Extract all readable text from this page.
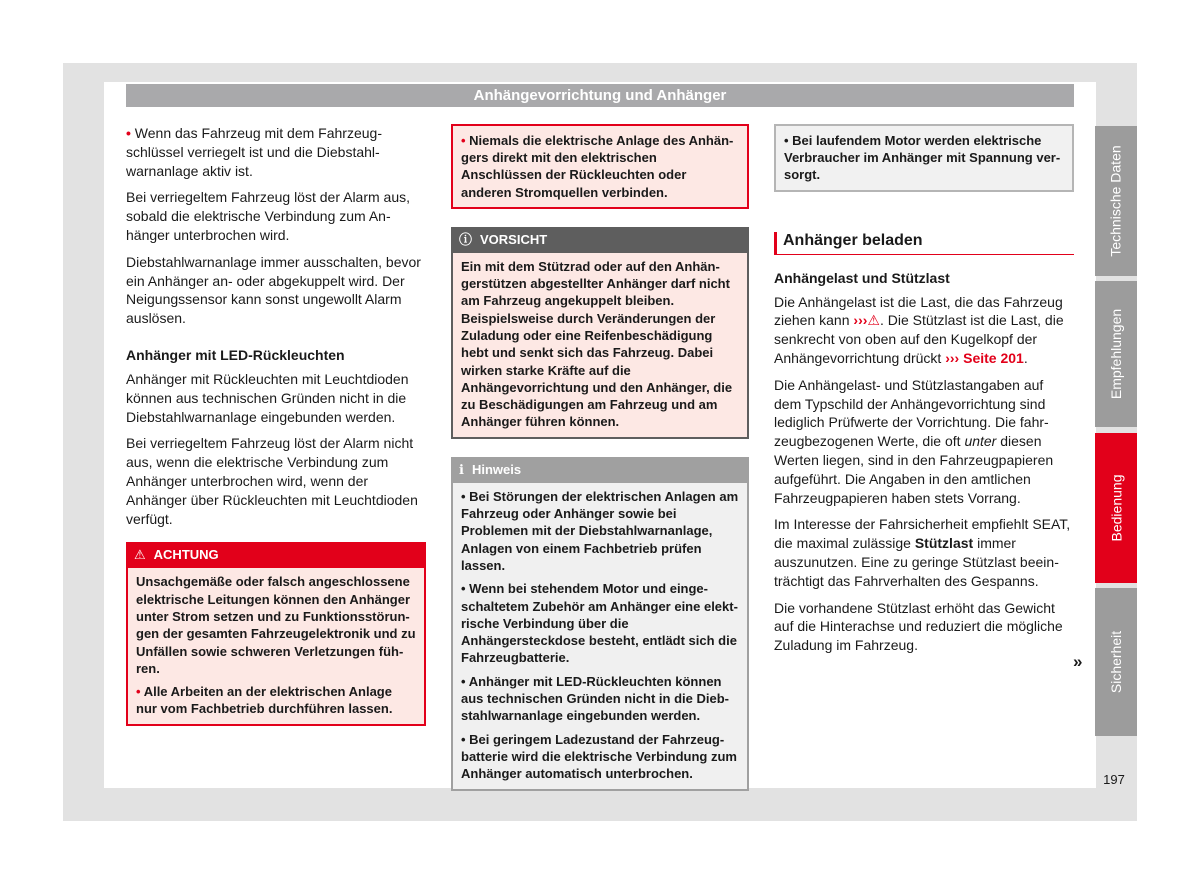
Anhängevorrichtung und Anhänger

• Wenn das Fahrzeug mit dem Fahrzeugschlüssel verriegelt ist und die Diebstahlwarnanlage aktiv ist.

Bei verriegeltem Fahrzeug löst der Alarm aus, sobald die elektrische Verbindung zum Anhänger unterbrochen wird.

Diebstahlwarnanlage immer ausschalten, bevor ein Anhänger an- oder abgekuppelt wird. Der Neigungssensor kann sonst ungewollt Alarm auslösen.

Anhänger mit LED-Rückleuchten

Anhänger mit Rückleuchten mit Leuchtdioden können aus technischen Gründen nicht in die Diebstahlwarnanlage eingebunden werden.

Bei verriegeltem Fahrzeug löst der Alarm nicht aus, wenn die elektrische Verbindung zum Anhänger unterbrochen wird, wenn der Anhänger über Rückleuchten mit Leuchtdioden verfügt.

⚠ ACHTUNG
Unsachgemäße oder falsch angeschlossene elektrische Leitungen können den Anhänger unter Strom setzen und zu Funktionsstörungen der gesamten Fahrzeugelektronik und zu Unfällen sowie schweren Verletzungen führen.
• Alle Arbeiten an der elektrischen Anlage nur vom Fachbetrieb durchführen lassen.
• Niemals die elektrische Anlage des Anhängers direkt mit den elektrischen Anschlüssen der Rückleuchten oder anderen Stromquellen verbinden.
ⓘ VORSICHT
Ein mit dem Stützrad oder auf den Anhängerstützen abgestellter Anhänger darf nicht am Fahrzeug angekuppelt bleiben. Beispielsweise durch Veränderungen der Zuladung oder eine Reifenbeschädigung hebt und senkt sich das Fahrzeug. Dabei wirken starke Kräfte auf die Anhängevorrichtung und den Anhänger, die zu Beschädigungen am Fahrzeug und am Anhänger führen können.
ℹ Hinweis
• Bei Störungen der elektrischen Anlagen am Fahrzeug oder Anhänger sowie bei Problemen mit der Diebstahlwarnanlage, Anlagen von einem Fachbetrieb prüfen lassen.
• Wenn bei stehendem Motor und eingeschaltetem Zubehör am Anhänger eine elektrische Verbindung über die Anhängersteckdose besteht, entlädt sich die Fahrzeugbatterie.
• Anhänger mit LED-Rückleuchten können aus technischen Gründen nicht in die Diebstahlwarnanlage eingebunden werden.
• Bei geringem Ladezustand der Fahrzeugbatterie wird die elektrische Verbindung zum Anhänger automatisch unterbrochen.
• Bei laufendem Motor werden elektrische Verbraucher im Anhänger mit Spannung versorgt.
Anhänger beladen
Anhängelast und Stützlast

Die Anhängelast ist die Last, die das Fahrzeug ziehen kann ›››⚠. Die Stützlast ist die Last, die senkrecht von oben auf den Kugelkopf der Anhängevorrichtung drückt ››› Seite 201.

Die Anhängelast- und Stützlastangaben auf dem Typschild der Anhängevorrichtung sind lediglich Prüfwerte der Vorrichtung. Die fahrzeugbezogenen Werte, die oft unter diesen Werten liegen, sind in den Fahrzeugpapieren aufgeführt. Die Angaben in den amtlichen Fahrzeugpapieren haben stets Vorrang.

Im Interesse der Fahrsicherheit empfiehlt SEAT, die maximal zulässige Stützlast immer auszunutzen. Eine zu geringe Stützlast beeinträchtigt das Fahrverhalten des Gespanns.

Die vorhandene Stützlast erhöht das Gewicht auf die Hinterachse und reduziert die mögliche Zuladung im Fahrzeug.

»
Technische Daten
Empfehlungen
Bedienung
Sicherheit
197
